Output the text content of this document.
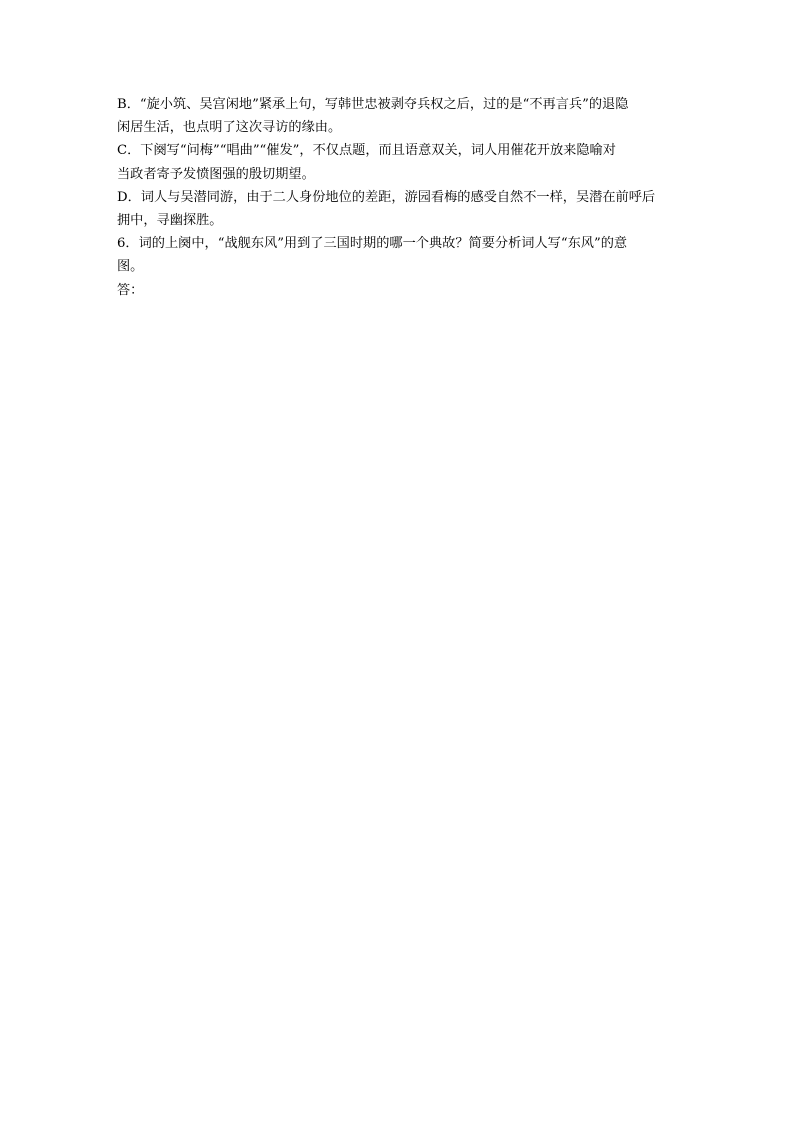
B．“旋小筑、吴宫闲地”紧承上句，写韩世忠被剥夺兵权之后，过的是“不再言兵”的退隐
闲居生活，也点明了这次寻访的缘由。
C．下阕写“问梅”“唱曲”“催发”，不仅点题，而且语意双关，词人用催花开放来隐喻对
当政者寄予发愤图强的殷切期望。
D．词人与吴潜同游，由于二人身份地位的差距，游园看梅的感受自然不一样，吴潜在前呼后
拥中，寻幽探胜。
6．词的上阕中，“战舰东风”用到了三国时期的哪一个典故？简要分析词人写“东风”的意
图。
答：
